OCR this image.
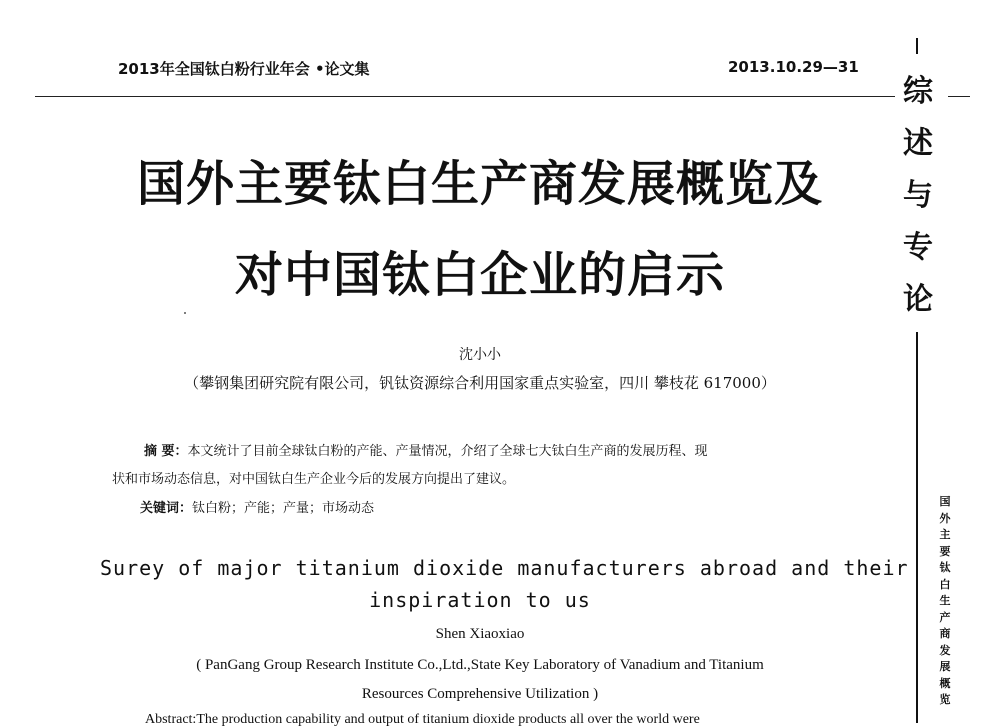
2013年全国钛白粉行业年会 •论文集	2013.10.29—31
国外主要钛白生产商发展概览及
对中国钛白企业的启示
沈小小
（攀钢集团研究院有限公司，钒钛资源综合利用国家重点实验室，四川 攀枝花 617000）
摘 要：本文统计了目前全球钛白粉的产能、产量情况，介绍了全球七大钛白生产商的发展历程、现
状和市场动态信息，对中国钛白生产企业今后的发展方向提出了建议。
关键词：钛白粉；产能；产量；市场动态
Surey of major titanium dioxide manufacturers abroad and their
inspiration to us
Shen Xiaoxiao
( PanGang Group Research Institute Co.,Ltd.,State Key Laboratory of Vanadium and Titanium
Resources Comprehensive Utilization )
Abstract:The production capability and output of titanium dioxide products all over the world were
综
述
与
专
论
国
外
主
要
钛
白
生
产
商
发
展
概
览
